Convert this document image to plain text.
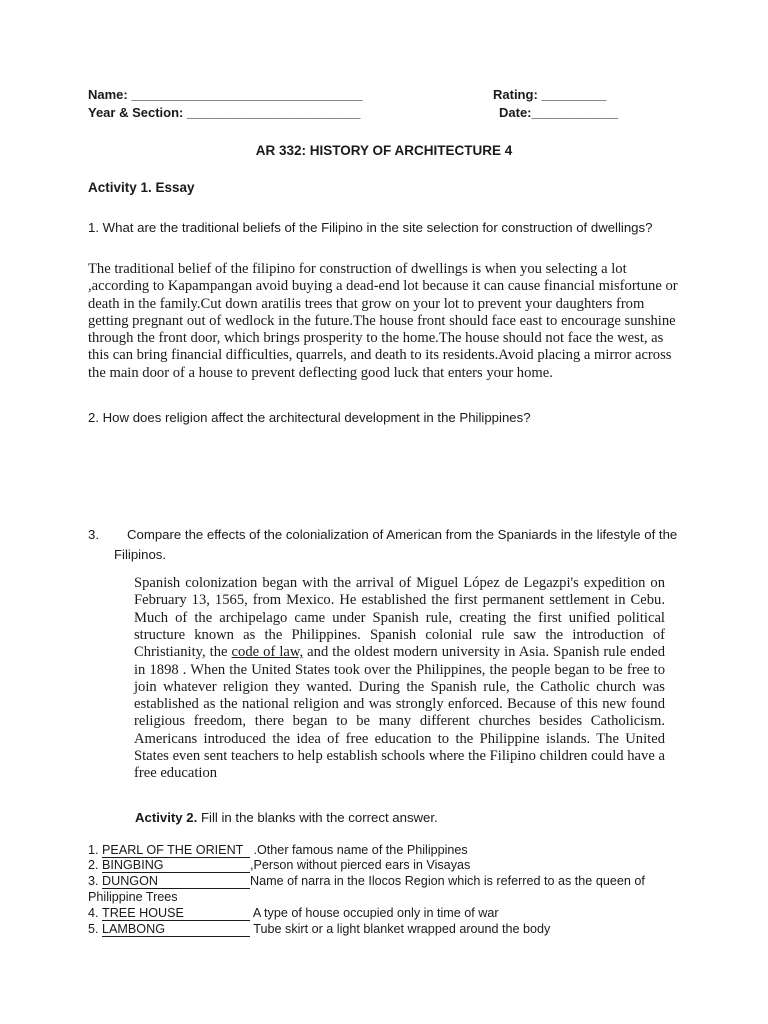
Name: ________________________________	Rating: _________
Year & Section: ________________________	Date:____________
AR 332: HISTORY OF ARCHITECTURE 4
Activity 1. Essay

1. What are the traditional beliefs of the Filipino in the site selection for construction of dwellings?

The traditional belief of the filipino for construction of dwellings is when you selecting a lot ,according to Kapampangan avoid buying a dead-end lot because it can cause financial misfortune or death in the family.Cut down aratilis trees that grow on your lot to prevent your daughters from getting pregnant out of wedlock in the future.The house front should face east to encourage sunshine through the front door, which brings prosperity to the home.The house should not face the west, as this can bring financial difficulties, quarrels, and death to its residents.Avoid placing a mirror across the main door of a house to prevent deflecting good luck that enters your home.

2. How does religion affect the architectural development in the Philippines?

3. Compare the effects of the colonialization of American from the Spaniards in the lifestyle of the Filipinos.

Spanish colonization began with the arrival of Miguel López de Legazpi's expedition on February 13, 1565, from Mexico. He established the first permanent settlement in Cebu. Much of the archipelago came under Spanish rule, creating the first unified political structure known as the Philippines. Spanish colonial rule saw the introduction of Christianity, the code of law, and the oldest modern university in Asia. Spanish rule ended in 1898 . When the United States took over the Philippines, the people began to be free to join whatever religion they wanted. During the Spanish rule, the Catholic church was established as the national religion and was strongly enforced. Because of this new found religious freedom, there began to be many different churches besides Catholicism. Americans introduced the idea of free education to the Philippine islands. The United States even sent teachers to help establish schools where the Filipino children could have a free education

Activity 2. Fill in the blanks with the correct answer.
1. PEARL OF THE ORIENT .Other famous name of the Philippines
2. BINGBING	,Person without pierced ears in Visayas
3. DUNGON	Name of narra in the Ilocos Region which is referred to as the queen of Philippine Trees
4. TREE HOUSE	A type of house occupied only in time of war
5. LAMBONG	Tube skirt or a light blanket wrapped around the body
